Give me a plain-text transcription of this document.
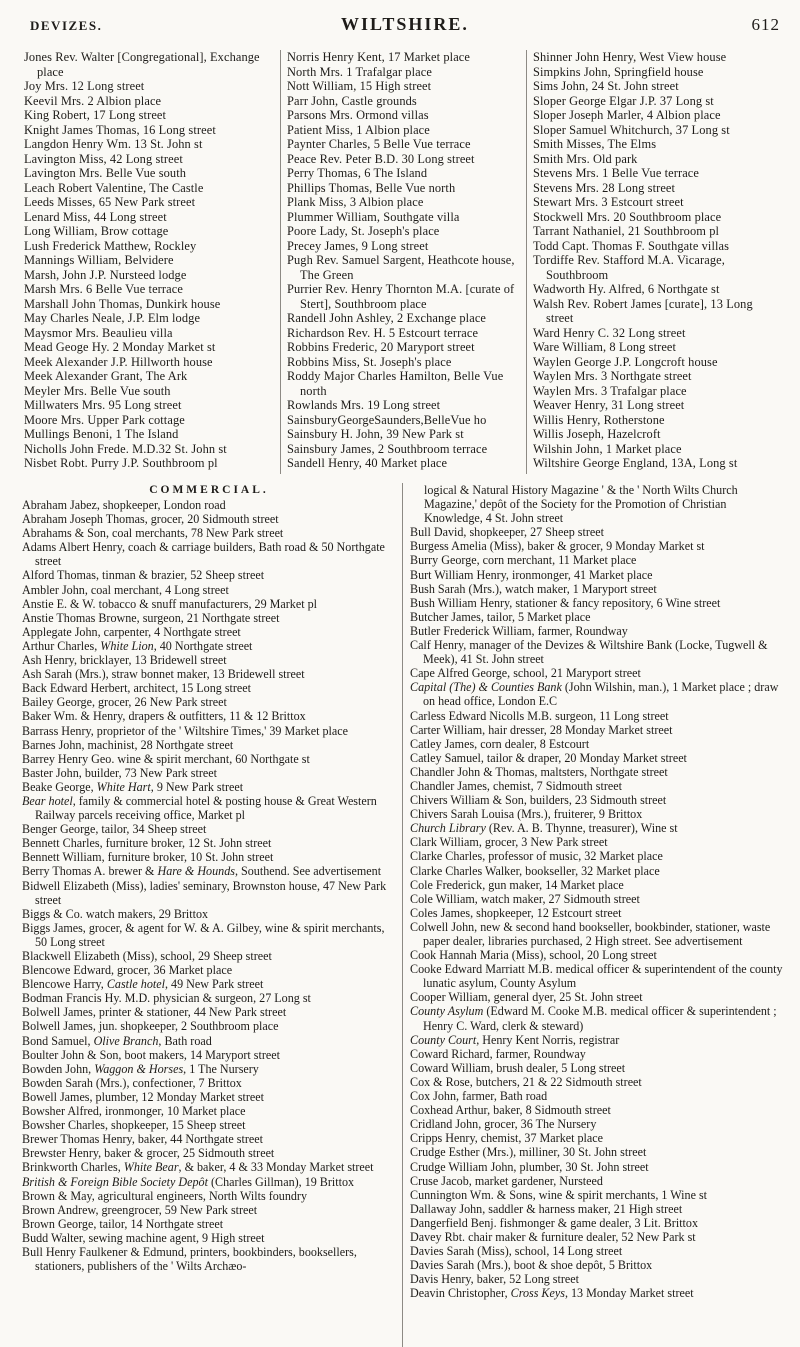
DEVIZES.	WILTSHIRE.	612
Jones Rev. Walter [Congregational], Exchange place
Joy Mrs. 12 Long street
Keevil Mrs. 2 Albion place
King Robert, 17 Long street
Knight James Thomas, 16 Long street
Langdon Henry Wm. 13 St. John st
Lavington Miss, 42 Long street
Lavington Mrs. Belle Vue south
Leach Robert Valentine, The Castle
Leeds Misses, 65 New Park street
Lenard Miss, 44 Long street
Long William, Brow cottage
Lush Frederick Matthew, Rockley
Mannings William, Belvidere
Marsh, John J.P. Nursteed lodge
Marsh Mrs. 6 Belle Vue terrace
Marshall John Thomas, Dunkirk house
May Charles Neale, J.P. Elm lodge
Maysmor Mrs. Beaulieu villa
Mead Geoge Hy. 2 Monday Market st
Meek Alexander J.P. Hillworth house
Meek Alexander Grant, The Ark
Meyler Mrs. Belle Vue south
Millwaters Mrs. 95 Long street
Moore Mrs. Upper Park cottage
Mullings Benoni, 1 The Island
Nicholls John Frede. M.D.32 St. John st
Nisbet Robt. Purry J.P. Southbroom pl
Norris Henry Kent, 17 Market place
North Mrs. 1 Trafalgar place
Nott William, 15 High street
Parr John, Castle grounds
Parsons Mrs. Ormond villas
Patient Miss, 1 Albion place
Paynter Charles, 5 Belle Vue terrace
Peace Rev. Peter B.D. 30 Long street
Perry Thomas, 6 The Island
Phillips Thomas, Belle Vue north
Plank Miss, 3 Albion place
Plummer William, Southgate villa
Poore Lady, St. Joseph's place
Precey James, 9 Long street
Pugh Rev. Samuel Sargent, Heathcote house, The Green
Purrier Rev. Henry Thornton M.A. [curate of Stert], Southbroom place
Randell John Ashley, 2 Exchange place
Richardson Rev. H. 5 Estcourt terrace
Robbins Frederic, 20 Maryport street
Robbins Miss, St. Joseph's place
Roddy Major Charles Hamilton, Belle Vue north
Rowlands Mrs. 19 Long street
SainsburyGeorgeSaunders,BelleVue ho
Sainsbury H. John, 39 New Park st
Sainsbury James, 2 Southbroom terrace
Sandell Henry, 40 Market place
Shinner John Henry, West View house
Simpkins John, Springfield house
Sims John, 24 St. John street
Sloper George Elgar J.P. 37 Long st
Sloper Joseph Marler, 4 Albion place
Sloper Samuel Whitchurch, 37 Long st
Smith Misses, The Elms
Smith Mrs. Old park
Stevens Mrs. 1 Belle Vue terrace
Stevens Mrs. 28 Long street
Stewart Mrs. 3 Estcourt street
Stockwell Mrs. 20 Southbroom place
Tarrant Nathaniel, 21 Southbroom pl
Todd Capt. Thomas F. Southgate villas
Tordiffe Rev. Stafford M.A. Vicarage, Southbroom
Wadworth Hy. Alfred, 6 Northgate st
Walsh Rev. Robert James [curate], 13 Long street
Ward Henry C. 32 Long street
Ware William, 8 Long street
Waylen George J.P. Longcroft house
Waylen Mrs. 3 Northgate street
Waylen Mrs. 3 Trafalgar place
Weaver Henry, 31 Long street
Willis Henry, Rotherstone
Willis Joseph, Hazelcroft
Wilshin John, 1 Market place
Wiltshire George England, 13A, Long st
COMMERCIAL.
Abraham Jabez, shopkeeper, London road
Abraham Joseph Thomas, grocer, 20 Sidmouth street
Abrahams & Son, coal merchants, 78 New Park street
Adams Albert Henry, coach & carriage builders, Bath road & 50 Northgate street
Alford Thomas, tinman & brazier, 52 Sheep street
Ambler John, coal merchant, 4 Long street
Anstie E. & W. tobacco & snuff manufacturers, 29 Market pl
Anstie Thomas Browne, surgeon, 21 Northgate street
Applegate John, carpenter, 4 Northgate street
Arthur Charles, White Lion, 40 Northgate street
Ash Henry, bricklayer, 13 Bridewell street
Ash Sarah (Mrs.), straw bonnet maker, 13 Bridewell street
Back Edward Herbert, architect, 15 Long street
Bailey George, grocer, 26 New Park street
Baker Wm. & Henry, drapers & outfitters, 11 & 12 Brittox
Barrass Henry, proprietor of the ' Wiltshire Times,' 39 Market place
Barnes John, machinist, 28 Northgate street
Barrey Henry Geo. wine & spirit merchant, 60 Northgate st
Baster John, builder, 73 New Park street
Beake George, White Hart, 9 New Park street
Bear hotel, family & commercial hotel & posting house & Great Western Railway parcels receiving office, Market pl
Benger George, tailor, 34 Sheep street
Bennett Charles, furniture broker, 12 St. John street
Bennett William, furniture broker, 10 St. John street
Berry Thomas A. brewer & Hare & Hounds, Southend. See advertisement
Bidwell Elizabeth (Miss), ladies' seminary, Brownston house, 47 New Park street
Biggs & Co. watch makers, 29 Brittox
Biggs James, grocer, & agent for W. & A. Gilbey, wine & spirit merchants, 50 Long street
Blackwell Elizabeth (Miss), school, 29 Sheep street
Blencowe Edward, grocer, 36 Market place
Blencowe Harry, Castle hotel, 49 New Park street
Bodman Francis Hy. M.D. physician & surgeon, 27 Long st
Bolwell James, printer & stationer, 44 New Park street
Bolwell James, jun. shopkeeper, 2 Southbroom place
Bond Samuel, Olive Branch, Bath road
Boulter John & Son, boot makers, 14 Maryport street
Bowden John, Waggon & Horses, 1 The Nursery
Bowden Sarah (Mrs.), confectioner, 7 Brittox
Bowell James, plumber, 12 Monday Market street
Bowsher Alfred, ironmonger, 10 Market place
Bowsher Charles, shopkeeper, 15 Sheep street
Brewer Thomas Henry, baker, 44 Northgate street
Brewster Henry, baker & grocer, 25 Sidmouth street
Brinkworth Charles, White Bear, & baker, 4 & 33 Monday Market street
British & Foreign Bible Society Depôt (Charles Gillman), 19 Brittox
Brown & May, agricultural engineers, North Wilts foundry
Brown Andrew, greengrocer, 59 New Park street
Brown George, tailor, 14 Northgate street
Budd Walter, sewing machine agent, 9 High street
Bull Henry Faulkener & Edmund, printers, bookbinders, booksellers, stationers, publishers of the ' Wilts Archæo-
logical & Natural History Magazine ' & the ' North Wilts Church Magazine,' depôt of the Society for the Promotion of Christian Knowledge, 4 St. John street
Bull David, shopkeeper, 27 Sheep street
Burgess Amelia (Miss), baker & grocer, 9 Monday Market st
Burry George, corn merchant, 11 Market place
Burt William Henry, ironmonger, 41 Market place
Bush Sarah (Mrs.), watch maker, 1 Maryport street
Bush William Henry, stationer & fancy repository, 6 Wine street
Butcher James, tailor, 5 Market place
Butler Frederick William, farmer, Roundway
Calf Henry, manager of the Devizes & Wiltshire Bank (Locke, Tugwell & Meek), 41 St. John street
Cape Alfred George, school, 21 Maryport street
Capital (The) & Counties Bank (John Wilshin, man.), 1 Market place ; draw on head office, London E.C
Carless Edward Nicolls M.B. surgeon, 11 Long street
Carter William, hair dresser, 28 Monday Market street
Catley James, corn dealer, 8 Estcourt
Catley Samuel, tailor & draper, 20 Monday Market street
Chandler John & Thomas, maltsters, Northgate street
Chandler James, chemist, 7 Sidmouth street
Chivers William & Son, builders, 23 Sidmouth street
Chivers Sarah Louisa (Mrs.), fruiterer, 9 Brittox
Church Library (Rev. A. B. Thynne, treasurer), Wine st
Clark William, grocer, 3 New Park street
Clarke Charles, professor of music, 32 Market place
Clarke Charles Walker, bookseller, 32 Market place
Cole Frederick, gun maker, 14 Market place
Cole William, watch maker, 27 Sidmouth street
Coles James, shopkeeper, 12 Estcourt street
Colwell John, new & second hand bookseller, bookbinder, stationer, waste paper dealer, libraries purchased, 2 High street. See advertisement
Cook Hannah Maria (Miss), school, 20 Long street
Cooke Edward Marriatt M.B. medical officer & superintendent of the county lunatic asylum, County Asylum
Cooper William, general dyer, 25 St. John street
County Asylum (Edward M. Cooke M.B. medical officer & superintendent ; Henry C. Ward, clerk & steward)
County Court, Henry Kent Norris, registrar
Coward Richard, farmer, Roundway
Coward William, brush dealer, 5 Long street
Cox & Rose, butchers, 21 & 22 Sidmouth street
Cox John, farmer, Bath road
Coxhead Arthur, baker, 8 Sidmouth street
Cridland John, grocer, 36 The Nursery
Cripps Henry, chemist, 37 Market place
Crudge Esther (Mrs.), milliner, 30 St. John street
Crudge William John, plumber, 30 St. John street
Cruse Jacob, market gardener, Nursteed
Cunnington Wm. & Sons, wine & spirit merchants, 1 Wine st
Dallaway John, saddler & harness maker, 21 High street
Dangerfield Benj. fishmonger & game dealer, 3 Lit. Brittox
Davey Rbt. chair maker & furniture dealer, 52 New Park st
Davies Sarah (Miss), school, 14 Long street
Davies Sarah (Mrs.), boot & shoe depôt, 5 Brittox
Davis Henry, baker, 52 Long street
Deavin Christopher, Cross Keys, 13 Monday Market street
